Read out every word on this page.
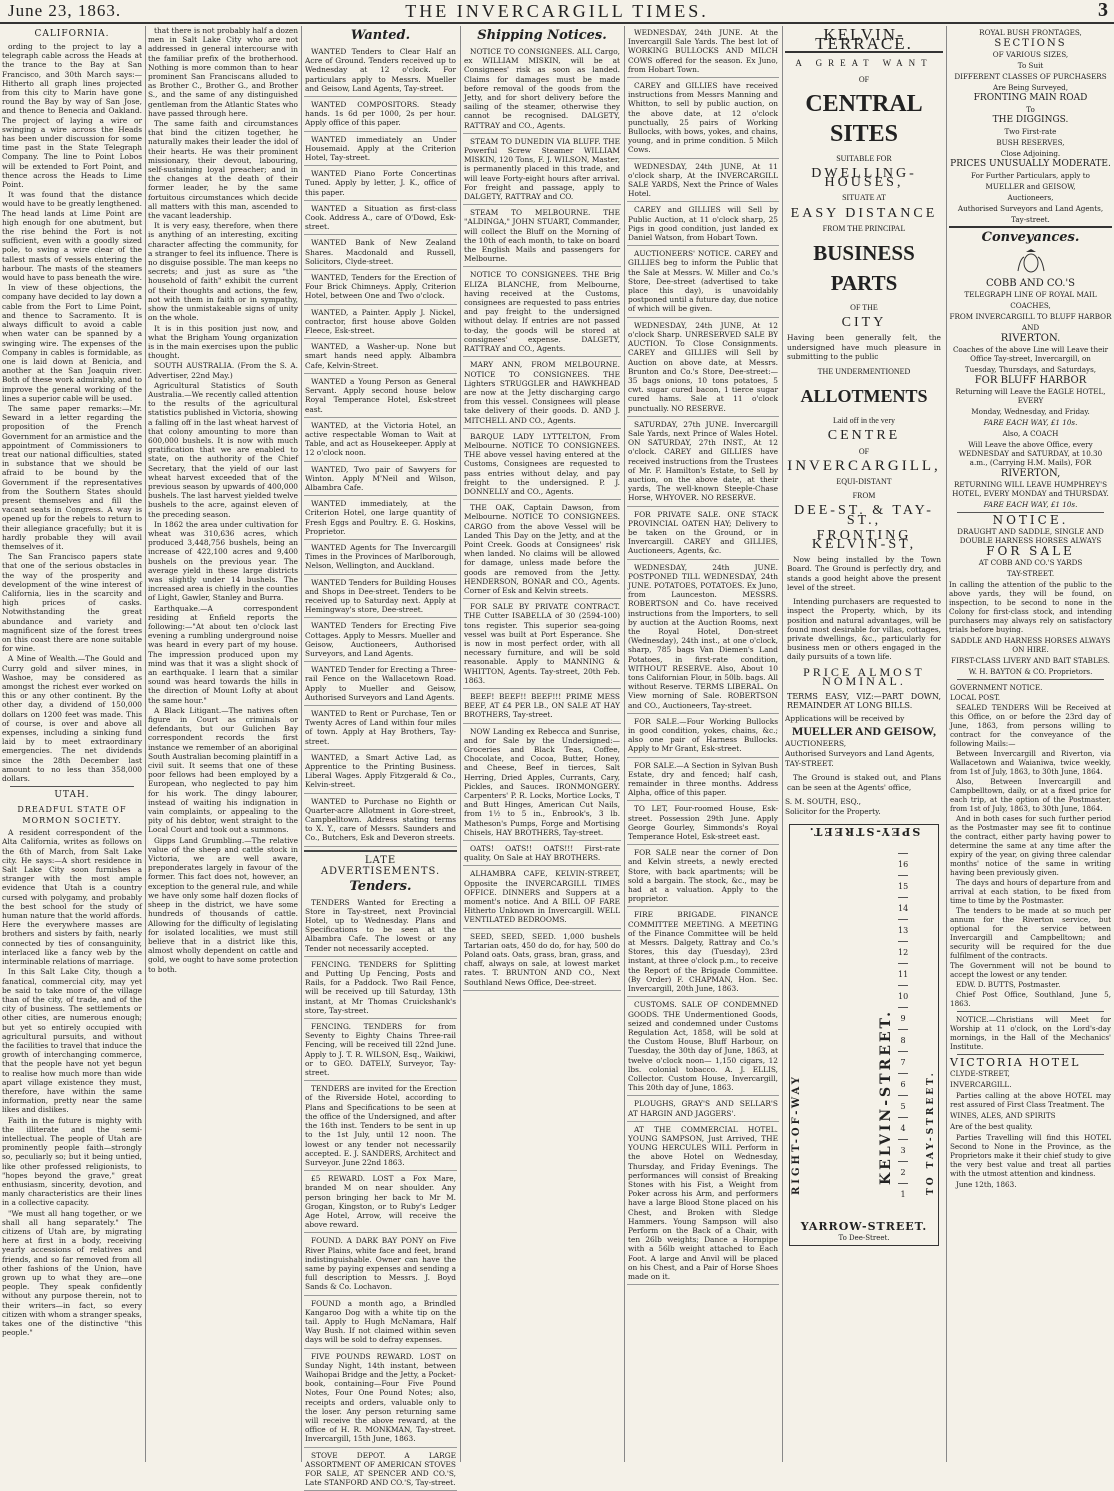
June 23, 1863.	THE INVERCARGILL TIMES.	3
CALIFORNIA.

ording to the project to lay a telegraph cable across the Heads at the trance to the Bay at San Francisco, and 30th March says:—Hitherto all graph lines projected from this city to Marin have gone round the Bay by way of San Jose, and thence to Benecia and Oakland. The project of laying a wire or swinging a wire across the Heads has been under discussion for some time past in the State Telegraph Company. The line to Point Lobos will be extended to Fort Point, and thence across the Heads to Lime Point.

It was found that the distance would have to be greatly lengthened. The head lands at Lime Point are high enough for one abutment, but the rise behind the Fort is not sufficient, even with a goodly sized pole, to swing a wire clear of the tallest masts of vessels entering the harbour. The masts of the steamers would have to pass beneath the wire.

In view of these objections, the company have decided to lay down a cable from the Fort to Lime Point, and thence to Sacramento. It is always difficult to avoid a cable when water can be spanned by a swinging wire. The expenses of the Company in cables is formidable, as one is laid down at Benicia, and another at the San Joaquin river. Both of these work admirably, and to improve the general working of the lines a superior cable will be used.

The same paper remarks:—Mr. Seward in a letter regarding the proposition of the French Government for an armistice and the appointment of Commissioners to treat our national difficulties, stated in substance that we should be afraid to be bound by the Government if the representatives from the Southern States should present themselves and fill the vacant seats in Congress. A way is opened up for the rebels to return to their allegiance gracefully; but it is hardly probable they will avail themselves of it.

The San Francisco papers state that one of the serious obstacles in the way of the prosperity and development of the wine interest of California, lies in the scarcity and high prices of casks. Notwithstanding the great abundance and variety and magnificent size of the forest trees on this coast there are none suitable for wine.

A Mine of Wealth.—The Gould and Curry gold and silver mines, in Washoe, may be considered as amongst the richest ever worked on this or any other continent. By the other day, a dividend of 150,000 dollars on 1200 feet was made. This of course, is over and above all expenses, including a sinking fund laid by to meet extraordinary emergencies. The net dividends since the 28th December last amount to no less than 358,000 dollars.

UTAH.
DREADFUL STATE OF MORMON SOCIETY.

A resident correspondent of the Alta California, writes as follows on the 6th of March, from Salt Lake city. He says:—A short residence in Salt Lake City soon furnishes a stranger with the most ample evidence that Utah is a country cursed with polygamy, and probably the best school for the study of human nature that the world affords. Here the everywhere masses are brothers and sisters by faith, nearly connected by ties of consanguinity, interlaced like a fancy web by the interminable relations of marriage.

In this Salt Lake City, though a fanatical, commercial city, may yet be said to take more of the village than of the city, of trade, and of the city of business. The settlements or other cities, are numerous enough; but yet so entirely occupied with agricultural pursuits, and without the facilities to travel that induce the growth of interchanging commerce, that the people have not yet begun to realise how much more than wide apart village existence they must, therefore, have within the same information, pretty near the same likes and dislikes.

Faith in the future is mighty with the illiterate and the semi-intellectual. The people of Utah are prominently people faith—strongly so, peculiarly so; but it being untied, like other professed religionists, to "hopes beyond the grave," great enthusiasm, sincerity, devotion, and manly characteristics are their lines in a collective capacity.

"We must all hang together, or we shall all hang separately." The citizens of Utah are, by migrating here at first in a body, receiving yearly accessions of relatives and friends, and so far removed from all other fashions of the Union, have grown up to what they are—one people. They speak confidently without any purpose therein, not to their writers—in fact, so every citizen with whom a stranger speaks, takes one of the distinctive "this people."

that there is not probably half a dozen men in Salt Lake City who are not addressed in general intercourse with the familiar prefix of the brotherhood. Nothing is more common than to hear prominent San Franciscans alluded to as Brother C., Brother G., and Brother S., and the same of any distinguished gentleman from the Atlantic States who have passed through here.

The same faith and circumstances that bind the citizen together, he naturally makes their leader the idol of their hearts. He was their prominent missionary, their devout, labouring, self-sustaining loyal preacher; and in the changes at the death of their former leader, he by the same fortuitous circumstances which decide all matters with this man, ascended to the vacant leadership.

It is very easy, therefore, when there is anything of an interesting, exciting character affecting the community, for a stranger to feel its influence. There is no disguise possible. The man keeps no secrets; and just as sure as "the household of faith" exhibit the current of their thoughts and actions, the few, not with them in faith or in sympathy, show the unmistakeable signs of unity on the whole.

It is in this position just now, and what the Brigham Young organization is in the main exercises upon the public thought.

SOUTH AUSTRALIA. (From the S. A. Advertiser, 22nd May.)

Agricultural Statistics of South Australia.—We recently called attention to the results of the agricultural statistics published in Victoria, showing a falling off in the last wheat harvest of that colony amounting to more than 600,000 bushels. It is now with much gratification that we are enabled to state, on the authority of the Chief Secretary, that the yield of our last wheat harvest exceeded that of the previous season by upwards of 400,000 bushels. The last harvest yielded twelve bushels to the acre, against eleven of the preceding season.

In 1862 the area under cultivation for wheat was 310,636 acres, which produced 3,448,756 bushels, being an increase of 422,100 acres and 9,400 bushels on the previous year. The average yield in these large districts was slightly under 14 bushels. The increased area is chiefly in the counties of Light, Gawler, Stanley and Burra.

Earthquake.—A correspondent residing at Enfield reports the following:—"At about ten o'clock last evening a rumbling underground noise was heard in every part of my house. The impression produced upon my mind was that it was a slight shock of an earthquake. I learn that a similar sound was heard towards the hills in the direction of Mount Lofty at about the same hour."

A Black Litigant.—The natives often figure in Court as criminals or defendants, but our Gulichen Bay correspondent records the first instance we remember of an aboriginal South Australian becoming plaintiff in a civil suit. It seems that one of these poor fellows had been employed by a European, who neglected to pay him for his work. The dingy labourer, instead of waiting his indignation in vain complaints, or appealing to the pity of his debtor, went straight to the Local Court and took out a summons.

Gipps Land Grumbling.—The relative value of the sheep and cattle stock in Victoria, we are well aware, preponderates largely in favour of the former. This fact does not, however, an exception to the general rule, and while we have only some half dozen flocks of sheep in the district, we have some hundreds of thousands of cattle. Allowing for the difficulty of legislating for isolated localities, we must still believe that in a district like this, almost wholly dependent on cattle and gold, we ought to have some protection to both.

Wanted.

WANTED Tenders to Clear Half an Acre of Ground. Tenders received up to Wednesday at 12 o'clock. For particulars apply to Messrs. Mueller and Geisow, Land Agents, Tay-street.

WANTED COMPOSITORS. Steady hands. 1s 6d per 1000, 2s per hour. Apply office of this paper.

WANTED immediately an Under Housemaid. Apply at the Criterion Hotel, Tay-street.

WANTED Piano Forte Concertinas Tuned. Apply by letter, J. K., office of this paper.

WANTED a Situation as first-class Cook. Address A., care of O'Dowd, Esk-street.

WANTED Bank of New Zealand Shares. Macdonald and Russell, Solicitors, Clyde-street.

WANTED, Tenders for the Erection of Four Brick Chimneys. Apply, Criterion Hotel, between One and Two o'clock.

WANTED, a Painter. Apply J. Nickel, contractor, first house above Golden Fleece, Esk-street.

WANTED, a Washer-up. None but smart hands need apply. Albambra Cafe, Kelvin-Street.

WANTED a Young Person as General Servant. Apply second house below Royal Temperance Hotel, Esk-street east.

WANTED, at the Victoria Hotel, an active respectable Woman to Wait at Table, and act as Housekeeper. Apply at 12 o'clock noon.

WANTED, Two pair of Sawyers for Winton. Apply M'Neil and Wilson, Albambra Cafe.

WANTED immediately, at the Criterion Hotel, one large quantity of Fresh Eggs and Poultry. E. G. Hoskins, Proprietor.

WANTED Agents for The Invercargill Times in the Provinces of Marlborough, Nelson, Wellington, and Auckland.

WANTED Tenders for Building Houses and Shops in Dee-street. Tenders to be received up to Saturday next. Apply at Hemingway's store, Dee-street.

WANTED Tenders for Erecting Five Cottages. Apply to Messrs. Mueller and Geisow, Auctioneers, Authorised Surveyors, and Land Agents.

WANTED Tender for Erecting a Three-rail Fence on the Wallacetown Road. Apply to Mueller and Geisow, Authorised Surveyors and Land Agents.

WANTED to Rent or Purchase, Ten or Twenty Acres of Land within four miles of town. Apply at Hay Brothers, Tay-street.

WANTED, a Smart Active Lad, as Apprentice to the Printing Business. Liberal Wages. Apply Fitzgerald & Co., Kelvin-street.

WANTED to Purchase no Eighth or Quarter-acre Allotment in Gore-street, Campbelltown. Address stating terms to X. Y., care of Messrs. Saunders and Co., Butchers, Esk and Deveron streets.

LATE ADVERTISEMENTS.
Tenders.

TENDERS Wanted for Erecting a Store in Tay-street, next Provincial Hotel, up to Wednesday. Plans and Specifications to be seen at the Albambra Cafe. The lowest or any Tender not necessarily accepted.

FENCING. TENDERS for Splitting and Putting Up Fencing, Posts and Rails, for a Paddock. Two Rail Fence, will be received up till Saturday, 13th instant, at Mr Thomas Cruickshank's store, Tay-street.

FENCING. TENDERS for from Seventy to Eighty Chains Three-rail Fencing, will be received till 22nd June. Apply to J. T. R. WILSON, Esq., Waikiwi, or to GEO. DATELY, Surveyor, Tay-street.

TENDERS are invited for the Erection of the Riverside Hotel, according to Plans and Specifications to be seen at the office of the Undersigned, and after the 16th inst. Tenders to be sent in up to the 1st July, until 12 noon. The lowest or any tender not necessarily accepted. E. J. SANDERS, Architect and Surveyor. June 22nd 1863.

£5 REWARD. LOST a Fox Mare, branded M on near shoulder. Any person bringing her back to Mr M. Grogan, Kingston, or to Ruby's Ledger Age Hotel, Arrow, will receive the above reward.

FOUND. A DARK BAY PONY on Five River Plains, white face and feet, brand indistinguishable. Owner can have the same by paying expenses and sending a full description to Messrs. J. Boyd Sands & Co. Lochavon.

FOUND a month ago, a Brindled Kangaroo Dog with a white tip on the tail. Apply to Hugh McNamara, Half Way Bush. If not claimed within seven days will be sold to defray expenses.

FIVE POUNDS REWARD. LOST on Sunday Night, 14th instant, between Waihopai Bridge and the Jetty, a Pocket-book, containing—Four Five Pound Notes, Four One Pound Notes; also, receipts and orders, valuable only to the loser. Any person returning same will receive the above reward, at the office of H. R. MONKMAN, Tay-street. Invercargill, 15th June, 1863.

STOVE DEPOT. A LARGE ASSORTMENT OF AMERICAN STOVES FOR SALE, AT SPENCER AND CO.'S, Late STANFORD AND CO.'S, Tay-street.

Shipping Notices.

NOTICE TO CONSIGNEES. ALL Cargo, ex WILLIAM MISKIN, will be at Consignees' risk as soon as landed. Claims for damages must be made before removal of the goods from the Jetty, and for short delivery before the sailing of the steamer, otherwise they cannot be recognised. DALGETY, RATTRAY and CO., Agents.

STEAM TO DUNEDIN VIA BLUFF. THE Powerful Screw Steamer WILLIAM MISKIN, 120 Tons, F. J. WILSON, Master, is permanently placed in this trade, and will leave Forty-eight hours after arrival. For freight and passage, apply to DALGETY, RATTRAY and CO.

STEAM TO MELBOURNE. THE "ALDINGA," JOHN STUART, Commander, will collect the Bluff on the Morning of the 10th of each month, to take on board the English Mails and passengers for Melbourne.

NOTICE TO CONSIGNEES. THE Brig ELIZA BLANCHE, from Melbourne, having received at the Customs, consignees are requested to pass entries and pay freight to the undersigned without delay. If entries are not passed to-day, the goods will be stored at consignees' expense. DALGETY, RATTRAY and CO., Agents.

MARY ANN, FROM MELBOURNE. NOTICE TO CONSIGNEES. THE Lighters STRUGGLER and HAWKHEAD are now at the Jetty discharging cargo from this vessel. Consignees will please take delivery of their goods. D. AND J. MITCHELL AND CO., Agents.

BARQUE LADY LYTTELTON, From Melbourne. NOTICE TO CONSIGNEES. THE above vessel having entered at the Customs, Consignees are requested to pass entries without delay, and pay freight to the undersigned. P. J. DONNELLY and CO., Agents.

THE OAK, Captain Dawson, from Melbourne. NOTICE TO CONSIGNEES. CARGO from the above Vessel will be Landed This Day on the Jetty, and at the Point Creek. Goods at Consignees' risk when landed. No claims will be allowed for damage, unless made before the goods are removed from the Jetty. HENDERSON, BONAR and CO., Agents. Corner of Esk and Kelvin streets.

FOR SALE BY PRIVATE CONTRACT. THE Cutter ISABELLA of 30 (2594-100) tons register. This superior sea-going vessel was built at Port Esperance. She is now in most perfect order, with all necessary furniture, and will be sold reasonable. Apply to MANNING & WHITTON, Agents. Tay-street, 20th Feb. 1863.

BEEF! BEEF!! BEEF!!! PRIME MESS BEEF, AT £4 PER LB., ON SALE AT HAY BROTHERS, Tay-street.

NOW Landing ex Rebecca and Sunrise, and for Sale by the Undersigned:—Groceries and Black Teas, Coffee, Chocolate, and Cocoa, Butter, Honey, and Cheese, Beef in tierces, Salt Herring, Dried Apples, Currants, Cary, Pickles, and Sauces. IRONMONGERY. Carpenters' P. R. Locks, Mortice Locks, T and Butt Hinges, American Cut Nails, from 1½ to 5 in., Enbrook's, 3 lb. Matheson's Pumps, Forge and Mortising Chisels, HAY BROTHERS, Tay-street.

OATS! OATS!! OATS!!! First-rate quality, On Sale at HAY BROTHERS.

ALHAMBRA CAFE, KELVIN-STREET, Opposite the INVERCARGILL TIMES OFFICE. DINNERS and Suppers at a moment's notice. And A BILL OF FARE Hitherto Unknown in Invercargill. WELL VENTILATED BEDROOMS.

SEED, SEED, SEED. 1,000 bushels Tartarian oats, 450 do do, for hay, 500 do Poland oats. Oats, grass, bran, grass, and chaff, always on sale, at lowest market rates. T. BRUNTON AND CO., Next Southland News Office, Dee-street.

WEDNESDAY, 24th JUNE. At the Invercargill Sale Yards. The best lot of WORKING BULLOCKS AND MILCH COWS offered for the season. Ex Juno, from Hobart Town.

CAREY and GILLIES have received instructions from Messrs Manning and Whitton, to sell by public auction, on the above date, at 12 o'clock punctually, 25 pairs of Working Bullocks, with bows, yokes, and chains, young, and in prime condition. 5 Milch Cows.

WEDNESDAY, 24th JUNE, At 11 o'clock sharp, At the INVERCARGILL SALE YARDS, Next the Prince of Wales Hotel.

CAREY and GILLIES will Sell by Public Auction, at 11 o'clock sharp, 25 Pigs in good condition, just landed ex Daniel Watson, from Hobart Town.

AUCTIONEERS' NOTICE. CAREY and GILLIES beg to inform the Public that the Sale at Messrs. W. Miller and Co.'s Store, Dee-street (advertised to take place this day), is unavoidably postponed until a future day, due notice of which will be given.

WEDNESDAY, 24th JUNE, At 12 o'clock Sharp. UNRESERVED SALE BY AUCTION. To Close Consignments. CAREY and GILLIES will Sell by Auction on above date, at Messrs. Brunton and Co.'s Store, Dee-street:— 35 bags onions, 10 tons potatoes, 5 cwt. sugar cured bacon, 1 tierce sugar cured hams. Sale at 11 o'clock punctually. NO RESERVE.

SATURDAY, 27th JUNE. Invercargill Sale Yards, next Prince of Wales Hotel. ON SATURDAY, 27th INST., At 12 o'clock. CAREY and GILLIES have received instructions from the Trustees of Mr. F. Hamilton's Estate, to Sell by auction, on the above date, at their yards, The well-known Steeple-Chase Horse, WHYOVER. NO RESERVE.

FOR PRIVATE SALE. ONE STACK PROVINCIAL OATEN HAY; Delivery to be taken on the Ground, or in Invercargill. CAREY and GILLIES, Auctioneers, Agents, &c.

WEDNESDAY, 24th JUNE. POSTPONED TILL WEDNESDAY, 24th JUNE. POTATOES, POTATOES. Ex Juno, from Launceston. MESSRS. ROBERTSON and Co. have received instructions from the Importers, to sell by auction at the Auction Rooms, next the Royal Hotel, Don-street (Wednesday), 24th inst., at one o'clock, sharp, 785 bags Van Diemen's Land Potatoes, in first-rate condition, WITHOUT RESERVE. Also, About 10 tons Californian Flour, in 50lb. bags. All without Reserve. TERMS LIBERAL. On View morning of Sale. ROBERTSON and CO., Auctioneers, Tay-street.

FOR SALE.—Four Working Bullocks in good condition, yokes, chains, &c.; also one pair of Harness Bullocks. Apply to Mr Grant, Esk-street.

FOR SALE.—A Section in Sylvan Bush Estate, dry and fenced; half cash, remainder in three months. Address Alpha, office of this paper.

TO LET, Four-roomed House, Esk-street. Possession 29th June. Apply George Gourley, Simmonds's Royal Temperance Hotel, Esk-street east.

FOR SALE near the corner of Don and Kelvin streets, a newly erected Store, with back apartments; will be sold a bargain. The stock, &c., may be had at a valuation. Apply to the proprietor.

FIRE BRIGADE. FINANCE COMMITTEE MEETING. A MEETING of the Finance Committee will be held at Messrs. Dalgety, Rattray and Co.'s Stores, this day (Tuesday), 23rd instant, at three o'clock p.m., to receive the Report of the Brigade Committee. (By Order) F. CHAPMAN, Hon. Sec. Invercargill, 20th June, 1863.

CUSTOMS. SALE OF CONDEMNED GOODS. THE Undermentioned Goods, seized and condemned under Customs Regulation Act, 1858, will be sold at the Custom House, Bluff Harbour, on Tuesday, the 30th day of June, 1863, at twelve o'clock noon— 1,150 cigars, 12 lbs. colonial tobacco. A. J. ELLIS, Collector. Custom House, Invercargill, This 20th day of June, 1863.

PLOUGHS, GRAY'S AND SELLAR'S AT HARGIN AND JAGGERS'.

AT THE COMMERCIAL HOTEL. YOUNG SAMPSON, Just Arrived, THE YOUNG HERCULES WILL Perform in the above Hotel on Wednesday, Thursday, and Friday Evenings. The performances will consist of Breaking Stones with his Fist, a Weight from Poker across his Arm, and performers have a large Blood Stone placed on his Chest, and Broken with Sledge Hammers. Young Sampson will also Perform on the Back of a Chair, with ten 26lb weights; Dance a Hornpipe with a 56lb weight attached to Each Foot. A large and Anvil will be placed on his Chest, and a Pair of Horse Shoes made on it.

KELVIN-TERRACE.
A GREAT WANT
OF
CENTRAL SITES
SUITABLE FOR
DWELLING-HOUSES,
SITUATE AT
EASY DISTANCE
FROM THE PRINCIPAL
BUSINESS PARTS
OF THE
CITY

Having been generally felt, the undersigned have much pleasure in submitting to the public

THE UNDERMENTIONED
ALLOTMENTS
Laid off in the very
CENTRE
OF
INVERCARGILL,
EQUI-DISTANT
FROM
DEE-ST. & TAY-ST.,
FRONTING KELVIN-ST,

Now being installed by the Town Board. The Ground is perfectly dry, and stands a good height above the present level of the street.

Intending purchasers are requested to inspect the Property, which, by its position and natural advantages, will be found most desirable for villas, cottages, private dwellings, &c., particularly for business men or others engaged in the daily pursuits of a town life.

PRICE ALMOST NOMINAL.

TERMS EASY, VIZ:—PART DOWN, REMAINDER AT LONG BILLS.

Applications will be received by

MUELLER AND GEISOW,

AUCTIONEERS,

Authorised Surveyors and Land Agents,

TAY-STREET.

The Ground is staked out, and Plans can be seen at the Agents' office,

S. M. SOUTH, ESQ.,

Solicitor for the Property.

SPEY-STREET.
RIGHT-OF-WAY	TO TAY-STREET.
KELVIN-STREET.
16
15
14
13
12
11
10
9
8
7
6
5
4
3
2
1
YARROW-STREET.
To Dee-Street.
ROYAL BUSH FRONTAGES,
SECTIONS
OF VARIOUS SIZES,
To Suit
DIFFERENT CLASSES OF PURCHASERS
Are Being Surveyed,
FRONTING MAIN ROAD
To
THE DIGGINGS.
Two First-rate
BUSH RESERVES,
Close Adjoining.
PRICES UNUSUALLY MODERATE.
For Further Particulars, apply to
MUELLER and GEISOW,
Auctioneers,
Authorised Surveyors and Land Agents,
Tay-street.
Conveyances.
COBB AND CO.'S
TELEGRAPH LINE OF ROYAL MAIL
COACHES,
FROM INVERCARGILL TO BLUFF HARBOR
AND
RIVERTON.
Coaches of the above Line will Leave their Office Tay-street, Invercargill, on
Tuesday, Thursdays, and Saturdays,
FOR BLUFF HARBOR
Returning will Leave the EAGLE HOTEL, EVERY
Monday, Wednesday, and Friday.
FARE EACH WAY, £1 10s.
Also, A COACH
Will Leave the above Office, every WEDNESDAY and SATURDAY, at 10.30 a.m., (Carrying H.M. Mails), FOR
RIVERTON,
RETURNING WILL LEAVE HUMPHREY'S HOTEL, EVERY MONDAY and THURSDAY.
FARE EACH WAY, £1 10s.
NOTICE.
DRAUGHT AND SADDLE, SINGLE AND DOUBLE HARNESS HORSES ALWAYS
FOR SALE
AT COBB AND CO.'S YARDS
TAY-STREET.
In calling the attention of the public to the above yards, they will be found, on inspection, to be second to none in the Colony for first-class stock, and intending purchasers may always rely on satisfactory trials before buying.
SADDLE AND HARNESS HORSES ALWAYS ON HIRE.
FIRST-CLASS LIVERY AND BAIT STABLES.
W. H. BAYTON & CO. Proprietors.

GOVERNMENT NOTICE.

LOCAL POST.

SEALED TENDERS Will be Received at this Office, on or before the 23rd day of June, 1863, from persons willing to contract for the conveyance of the following Mails:—

Between Invercargill and Riverton, via Wallacetown and Waianiwa, twice weekly, from 1st of July, 1863, to 30th June, 1864.

Also, Between Invercargill and Campbelltown, daily, or at a fixed price for each trip, at the option of the Postmaster, from 1st of July, 1863, to 30th June, 1864.

And in both cases for such further period as the Postmaster may see fit to continue the contract, either party having power to determine the same at any time after the expiry of the year, on giving three calendar months' notice of the same in writing having been previously given.

The days and hours of departure from and arrival at each station, to be fixed from time to time by the Postmaster.

The tenders to be made at so much per annum for the Riverton service, but optional for the service between Invercargill and Campbelltown; and security will be required for the due fulfilment of the contracts.

The Government will not be bound to accept the lowest or any tender.

EDW. D. BUTTS, Postmaster.

Chief Post Office, Southland, June 5, 1863.

NOTICE.—Christians will Meet for Worship at 11 o'clock, on the Lord's-day mornings, in the Hall of the Mechanics' Institute.

VICTORIA HOTEL

CLYDE-STREET,

INVERCARGILL.

Parties calling at the above HOTEL may rest assured of First Class Treatment. The

WINES, ALES, AND SPIRITS

Are of the best quality.

Parties Travelling will find this HOTEL Second to None in the Province, as the Proprietors make it their chief study to give the very best value and treat all parties with the utmost attention and kindness.

June 12th, 1863.
